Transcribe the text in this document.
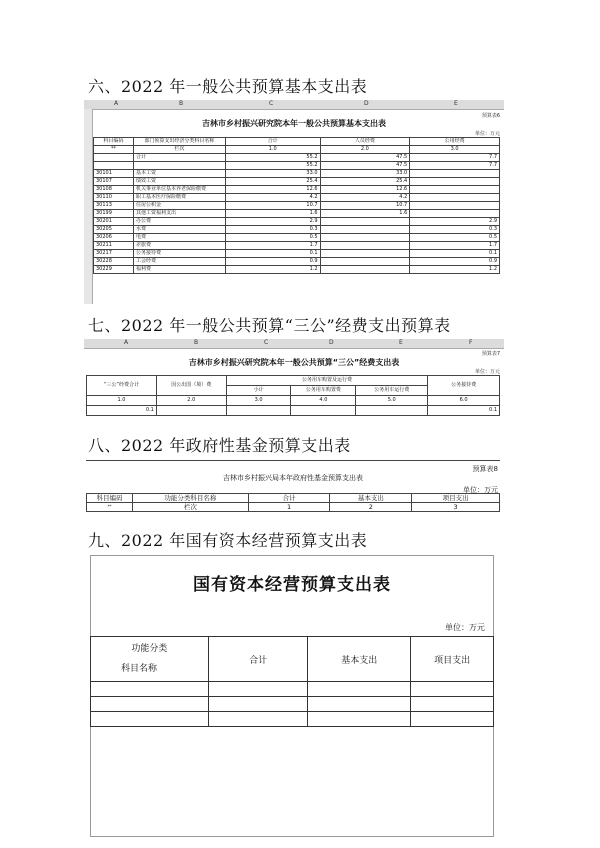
六、2022 年一般公共预算基本支出表
A	B	C	D	E
预算表6
吉林市乡村振兴研究院本年一般公共预算基本支出表
单位：万元
科目编码	部门预算支出经济分类科目名称	合计	人员经费	公用经费
**	栏次	1.0	2.0	3.0
	合计	55.2	47.5	7.7
		55.2	47.5	7.7
30101	基本工资	33.0	33.0	
30107	绩效工资	25.4	25.4	
30108	机关事业单位基本养老保险缴费	12.6	12.6	
30110	职工基本医疗保险缴费	4.2	4.2	
30113	住房公积金	10.7	10.7	
30199	其他工资福利支出	1.6	1.6	
30201	办公费	2.9		2.9
30205	水费	0.3		0.3
30206	电费	0.5		0.5
30211	差旅费	1.7		1.7
30217	公务接待费	0.1		0.1
30228	工会经费	0.9		0.9
30229	福利费	1.2		1.2
七、2022 年一般公共预算“三公”经费支出预算表
A	B	C	D	E	F
预算表7
吉林市乡村振兴研究院本年一般公共预算“三公”经费支出表
单位：万元
“三公”经费合计	因公出国（境）费	公务用车购置及运行费			公务接待费
		小计	公务用车购置费	公务用车运行费	
1.0	2.0	3.0	4.0	5.0	6.0
0.1					0.1
八、2022 年政府性基金预算支出表
预算表8
吉林市乡村振兴局本年政府性基金预算支出表
单位：万元
科目编码	功能分类科目名称	合计	基本支出	项目支出
**	栏次	1	2	3
九、2022 年国有资本经营预算支出表
国有资本经营预算支出表
单位：万元
功能分类
科目名称	合计	基本支出	项目支出
